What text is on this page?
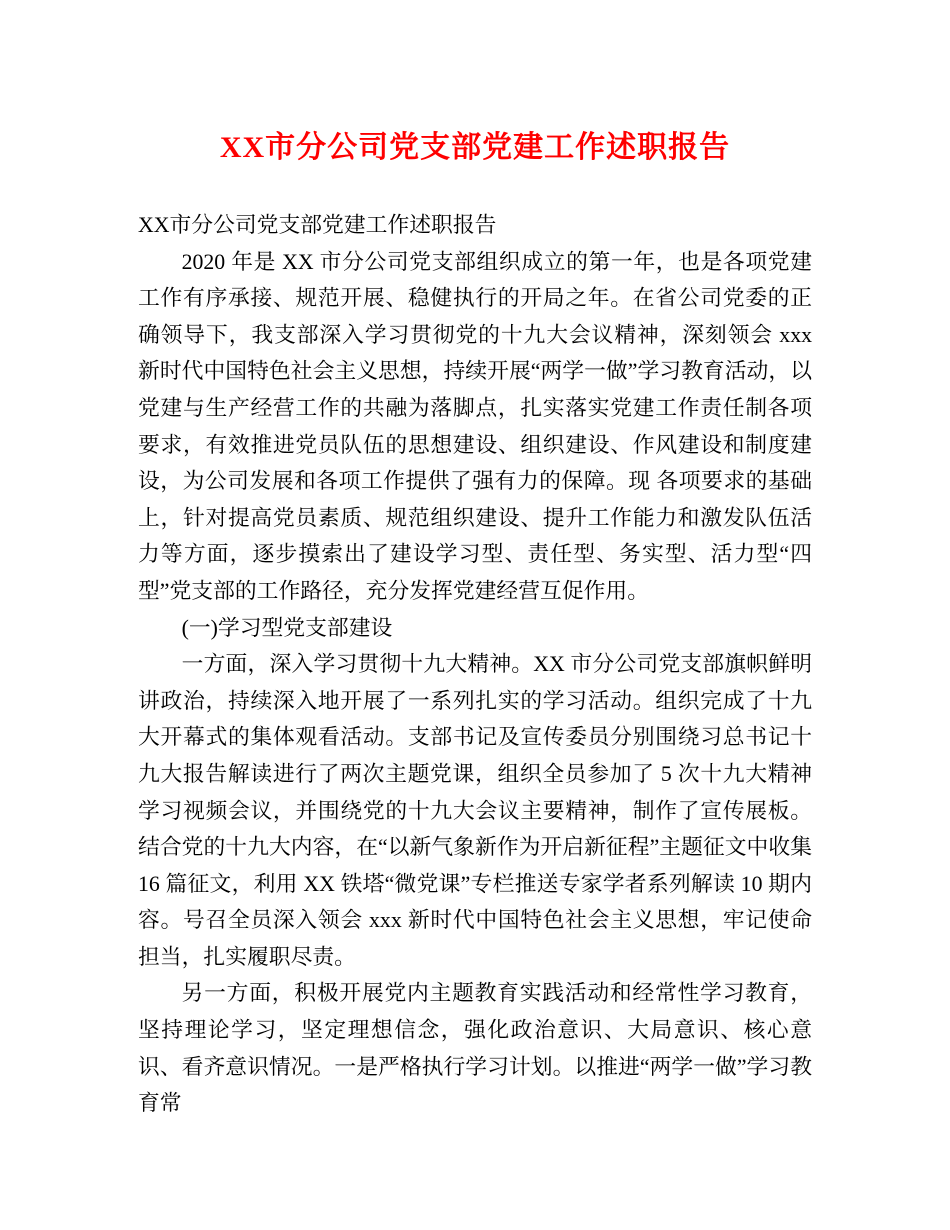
XX市分公司党支部党建工作述职报告

XX市分公司党支部党建工作述职报告

2020 年是 XX 市分公司党支部组织成立的第一年，也是各项党建工作有序承接、规范开展、稳健执行的开局之年。在省公司党委的正确领导下，我支部深入学习贯彻党的十九大会议精神，深刻领会 xxx 新时代中国特色社会主义思想，持续开展“两学一做”学习教育活动，以党建与生产经营工作的共融为落脚点，扎实落实党建工作责任制各项要求，有效推进党员队伍的思想建设、组织建设、作风建设和制度建设，为公司发展和各项工作提供了强有力的保障。现 各项要求的基础上，针对提高党员素质、规范组织建设、提升工作能力和激发队伍活力等方面，逐步摸索出了建设学习型、责任型、务实型、活力型“四型”党支部的工作路径，充分发挥党建经营互促作用。

(一)学习型党支部建设

一方面，深入学习贯彻十九大精神。XX 市分公司党支部旗帜鲜明讲政治，持续深入地开展了一系列扎实的学习活动。组织完成了十九大开幕式的集体观看活动。支部书记及宣传委员分别围绕习总书记十九大报告解读进行了两次主题党课，组织全员参加了 5 次十九大精神学习视频会议，并围绕党的十九大会议主要精神，制作了宣传展板。结合党的十九大内容，在“以新气象新作为开启新征程”主题征文中收集 16 篇征文，利用 XX 铁塔“微党课”专栏推送专家学者系列解读 10 期内容。号召全员深入领会 xxx 新时代中国特色社会主义思想，牢记使命担当，扎实履职尽责。

另一方面，积极开展党内主题教育实践活动和经常性学习教育，坚持理论学习，坚定理想信念，强化政治意识、大局意识、核心意识、看齐意识情况。一是严格执行学习计划。以推进“两学一做”学习教育常
